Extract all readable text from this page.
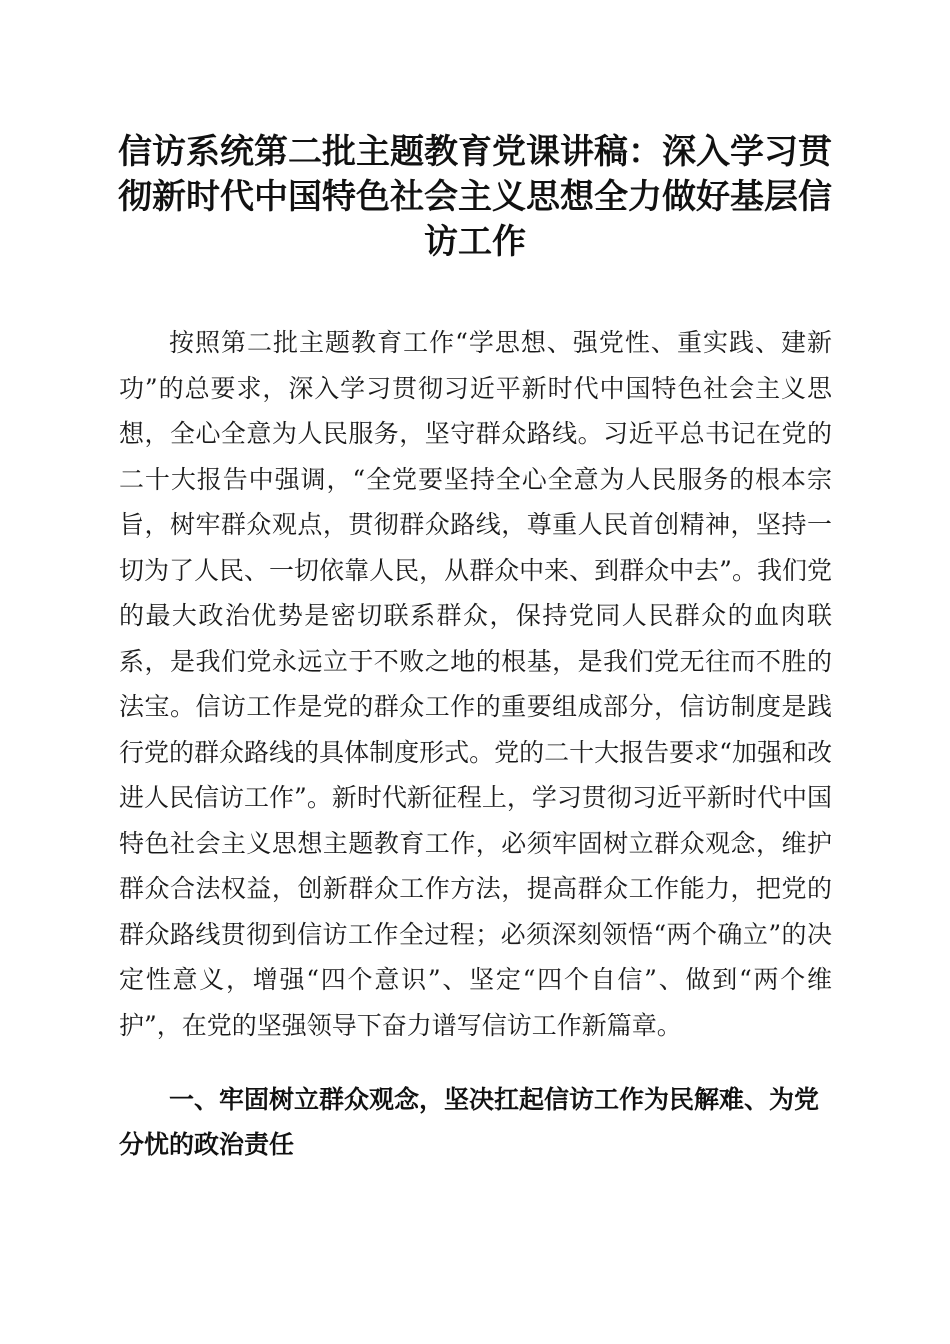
信访系统第二批主题教育党课讲稿：深入学习贯彻新时代中国特色社会主义思想全力做好基层信访工作
按照第二批主题教育工作“学思想、强党性、重实践、建新功”的总要求，深入学习贯彻习近平新时代中国特色社会主义思想，全心全意为人民服务，坚守群众路线。习近平总书记在党的二十大报告中强调，“全党要坚持全心全意为人民服务的根本宗旨，树牢群众观点，贯彻群众路线，尊重人民首创精神，坚持一切为了人民、一切依靠人民，从群众中来、到群众中去”。我们党的最大政治优势是密切联系群众，保持党同人民群众的血肉联系，是我们党永远立于不败之地的根基，是我们党无往而不胜的法宝。信访工作是党的群众工作的重要组成部分，信访制度是践行党的群众路线的具体制度形式。党的二十大报告要求“加强和改进人民信访工作”。新时代新征程上，学习贯彻习近平新时代中国特色社会主义思想主题教育工作，必须牢固树立群众观念，维护群众合法权益，创新群众工作方法，提高群众工作能力，把党的群众路线贯彻到信访工作全过程；必须深刻领悟“两个确立”的决定性意义，增强“四个意识”、坚定“四个自信”、做到“两个维护”，在党的坚强领导下奋力谱写信访工作新篇章。
一、牢固树立群众观念，坚决扛起信访工作为民解难、为党分忧的政治责任
